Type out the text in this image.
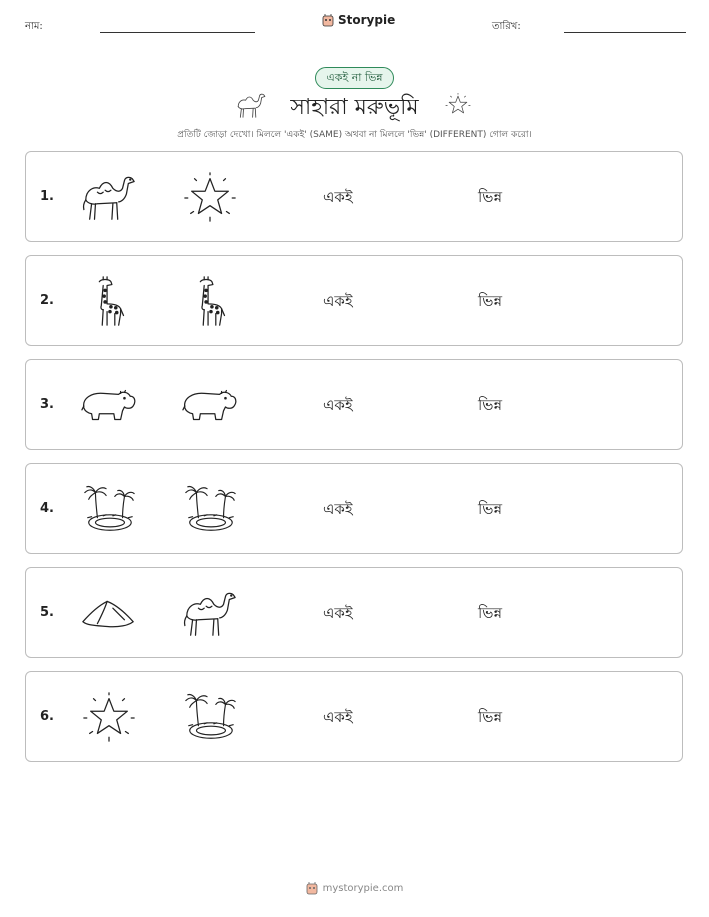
নাম:	Storypie	তারিখ:
একই না ভিন্ন
সাহারা মরুভূমি
প্রতিটি জোড়া দেখো। মিললে 'একই' (SAME) অথবা না মিললে 'ভিন্ন' (DIFFERENT) গোল করো।
1.	একই	ভিন্ন
2.	একই	ভিন্ন
3.	একই	ভিন্ন
4.	একই	ভিন্ন
5.	একই	ভিন্ন
6.	একই	ভিন্ন
mystorypie.com
